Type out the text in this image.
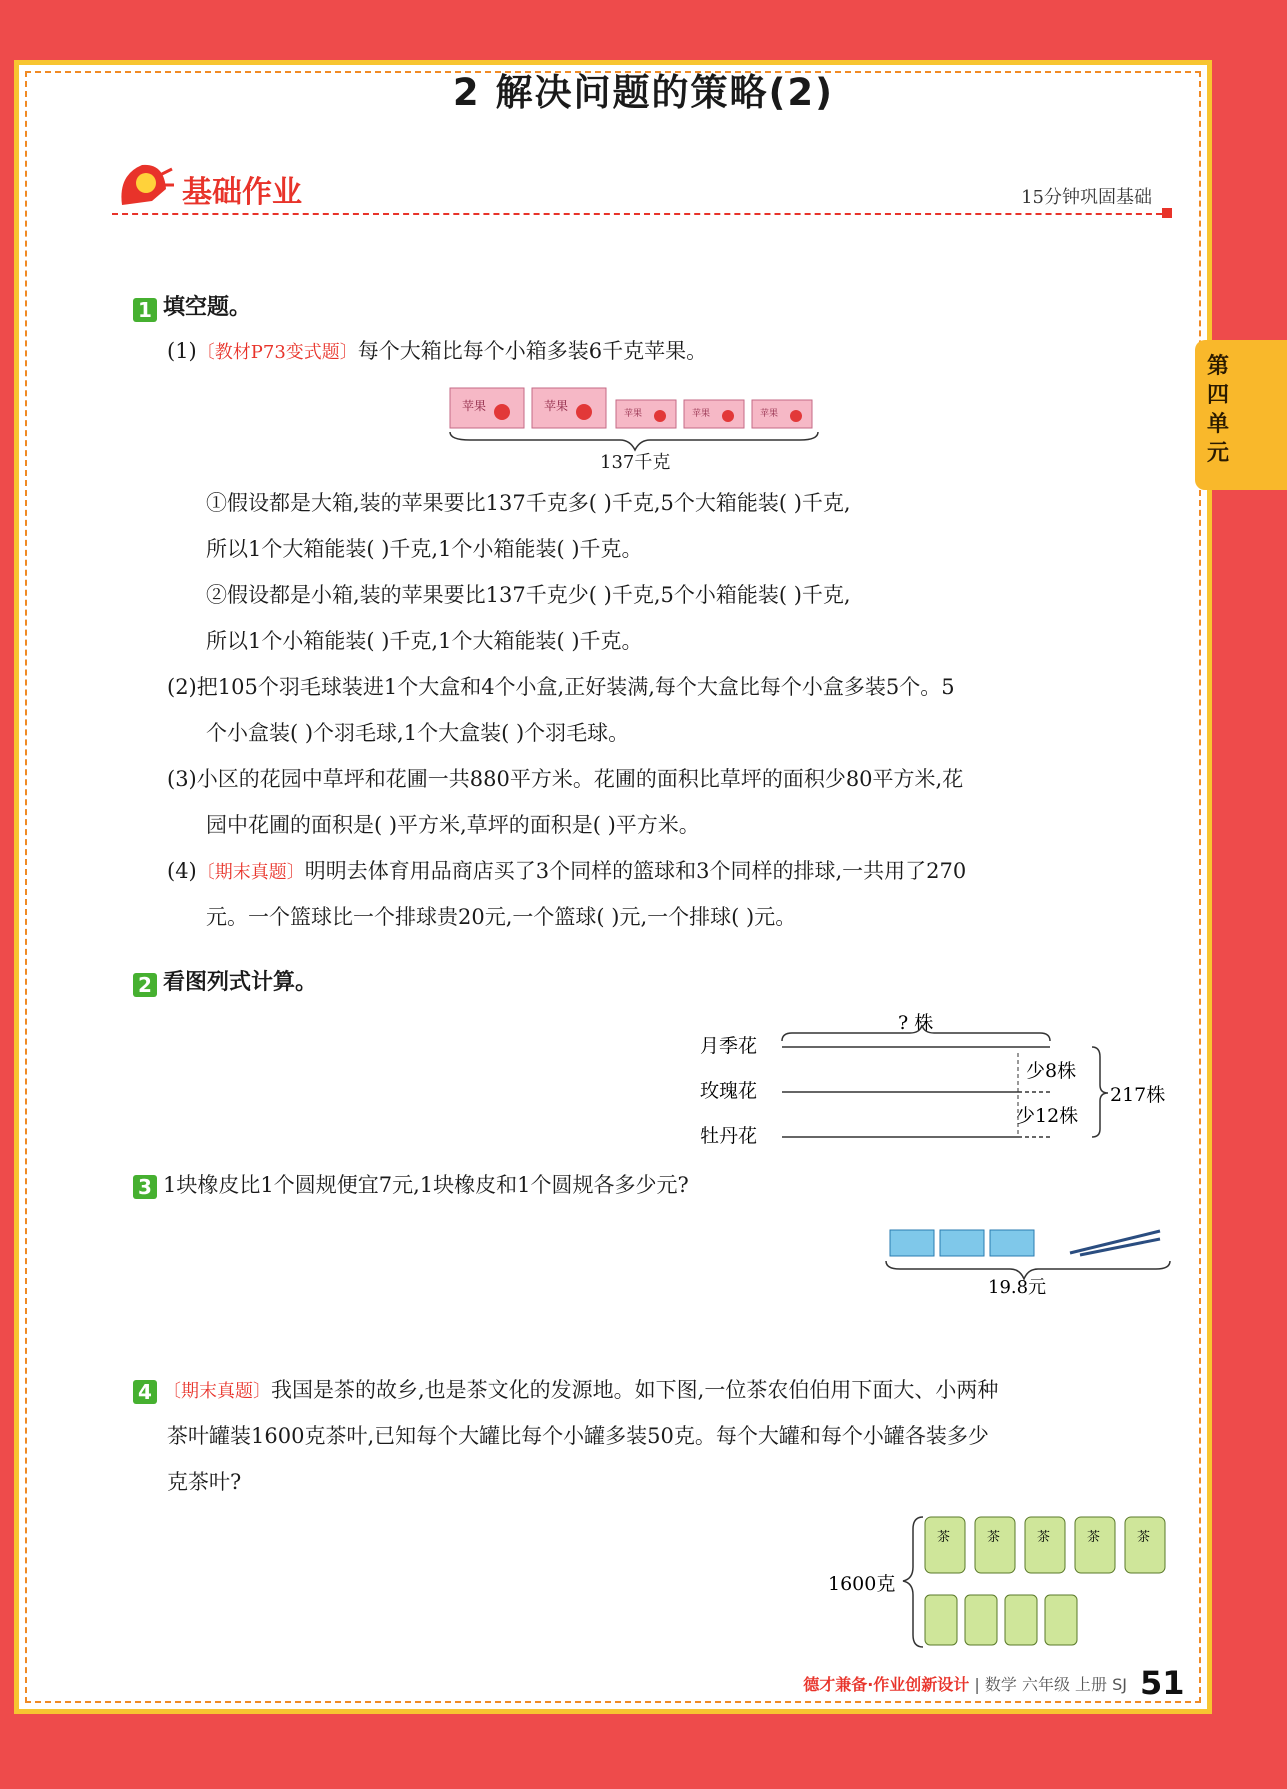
第四单元
2 解决问题的策略(2)
基础作业	15分钟巩固基础
1 填空题。
(1)〔教材P73变式题〕每个大箱比每个小箱多装6千克苹果。
苹果	苹果
苹果	苹果	苹果
137千克
①假设都是大箱,装的苹果要比137千克多( )千克,5个大箱能装( )千克,
所以1个大箱能装( )千克,1个小箱能装( )千克。
②假设都是小箱,装的苹果要比137千克少( )千克,5个小箱能装( )千克,
所以1个小箱能装( )千克,1个大箱能装( )千克。
(2)把105个羽毛球装进1个大盒和4个小盒,正好装满,每个大盒比每个小盒多装5个。5
个小盒装( )个羽毛球,1个大盒装( )个羽毛球。
(3)小区的花园中草坪和花圃一共880平方米。花圃的面积比草坪的面积少80平方米,花
园中花圃的面积是( )平方米,草坪的面积是( )平方米。
(4)〔期末真题〕明明去体育用品商店买了3个同样的篮球和3个同样的排球,一共用了270
元。一个篮球比一个排球贵20元,一个篮球( )元,一个排球( )元。
2 看图列式计算。
月季花
玫瑰花
牡丹花
? 株
少8株
少12株
217株
3 1块橡皮比1个圆规便宜7元,1块橡皮和1个圆规各多少元?
19.8元
4 〔期末真题〕我国是茶的故乡,也是茶文化的发源地。如下图,一位茶农伯伯用下面大、小两种
茶叶罐装1600克茶叶,已知每个大罐比每个小罐多装50克。每个大罐和每个小罐各装多少
克茶叶?
1600克
茶	茶	茶	茶	茶
德才兼备·作业创新设计 | 数学 六年级 上册 SJ 51
